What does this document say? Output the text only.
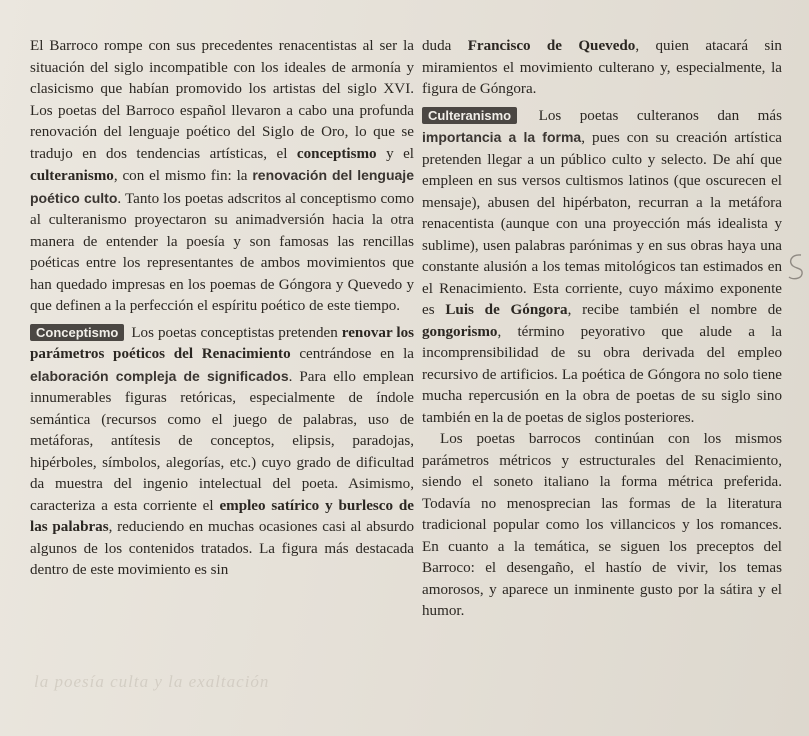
El Barroco rompe con sus precedentes renacentistas al ser la situación del siglo incompatible con los ideales de armonía y clasicismo que habían promovido los artistas del siglo XVI. Los poetas del Barroco español llevaron a cabo una profunda renovación del lenguaje poético del Siglo de Oro, lo que se tradujo en dos tendencias artísticas, el conceptismo y el culteranismo, con el mismo fin: la renovación del lenguaje poético culto. Tanto los poetas adscritos al conceptismo como al culteranismo proyectaron su animadversión hacia la otra manera de entender la poesía y son famosas las rencillas poéticas entre los representantes de ambos movimientos que han quedado impresas en los poemas de Góngora y Quevedo y que definen a la perfección el espíritu poético de este tiempo.

Conceptismo Los poetas conceptistas pretenden renovar los parámetros poéticos del Renacimiento centrándose en la elaboración compleja de significados. Para ello emplean innumerables figuras retóricas, especialmente de índole semántica (recursos como el juego de palabras, uso de metáforas, antítesis de conceptos, elipsis, paradojas, hipérboles, símbolos, alegorías, etc.) cuyo grado de dificultad da muestra del ingenio intelectual del poeta. Asimismo, caracteriza a esta corriente el empleo satírico y burlesco de las palabras, reduciendo en muchas ocasiones casi al absurdo algunos de los contenidos tratados. La figura más destacada dentro de este movimiento es sin

la poesía culta y la exaltación

duda Francisco de Quevedo, quien atacará sin miramientos el movimiento culterano y, especialmente, la figura de Góngora.

Culteranismo Los poetas culteranos dan más importancia a la forma, pues con su creación artística pretenden llegar a un público culto y selecto. De ahí que empleen en sus versos cultismos latinos (que oscurecen el mensaje), abusen del hipérbaton, recurran a la metáfora renacentista (aunque con una proyección más idealista y sublime), usen palabras parónimas y en sus obras haya una constante alusión a los temas mitológicos tan estimados en el Renacimiento. Esta corriente, cuyo máximo exponente es Luis de Góngora, recibe también el nombre de gongorismo, término peyorativo que alude a la incomprensibilidad de su obra derivada del empleo recursivo de artificios. La poética de Góngora no solo tiene mucha repercusión en la obra de poetas de su siglo sino también en la de poetas de siglos posteriores.

Los poetas barrocos continúan con los mismos parámetros métricos y estructurales del Renacimiento, siendo el soneto italiano la forma métrica preferida. Todavía no menosprecian las formas de la literatura tradicional popular como los villancicos y los romances. En cuanto a la temática, se siguen los preceptos del Barroco: el desengaño, el hastío de vivir, los temas amorosos, y aparece un inminente gusto por la sátira y el humor.
